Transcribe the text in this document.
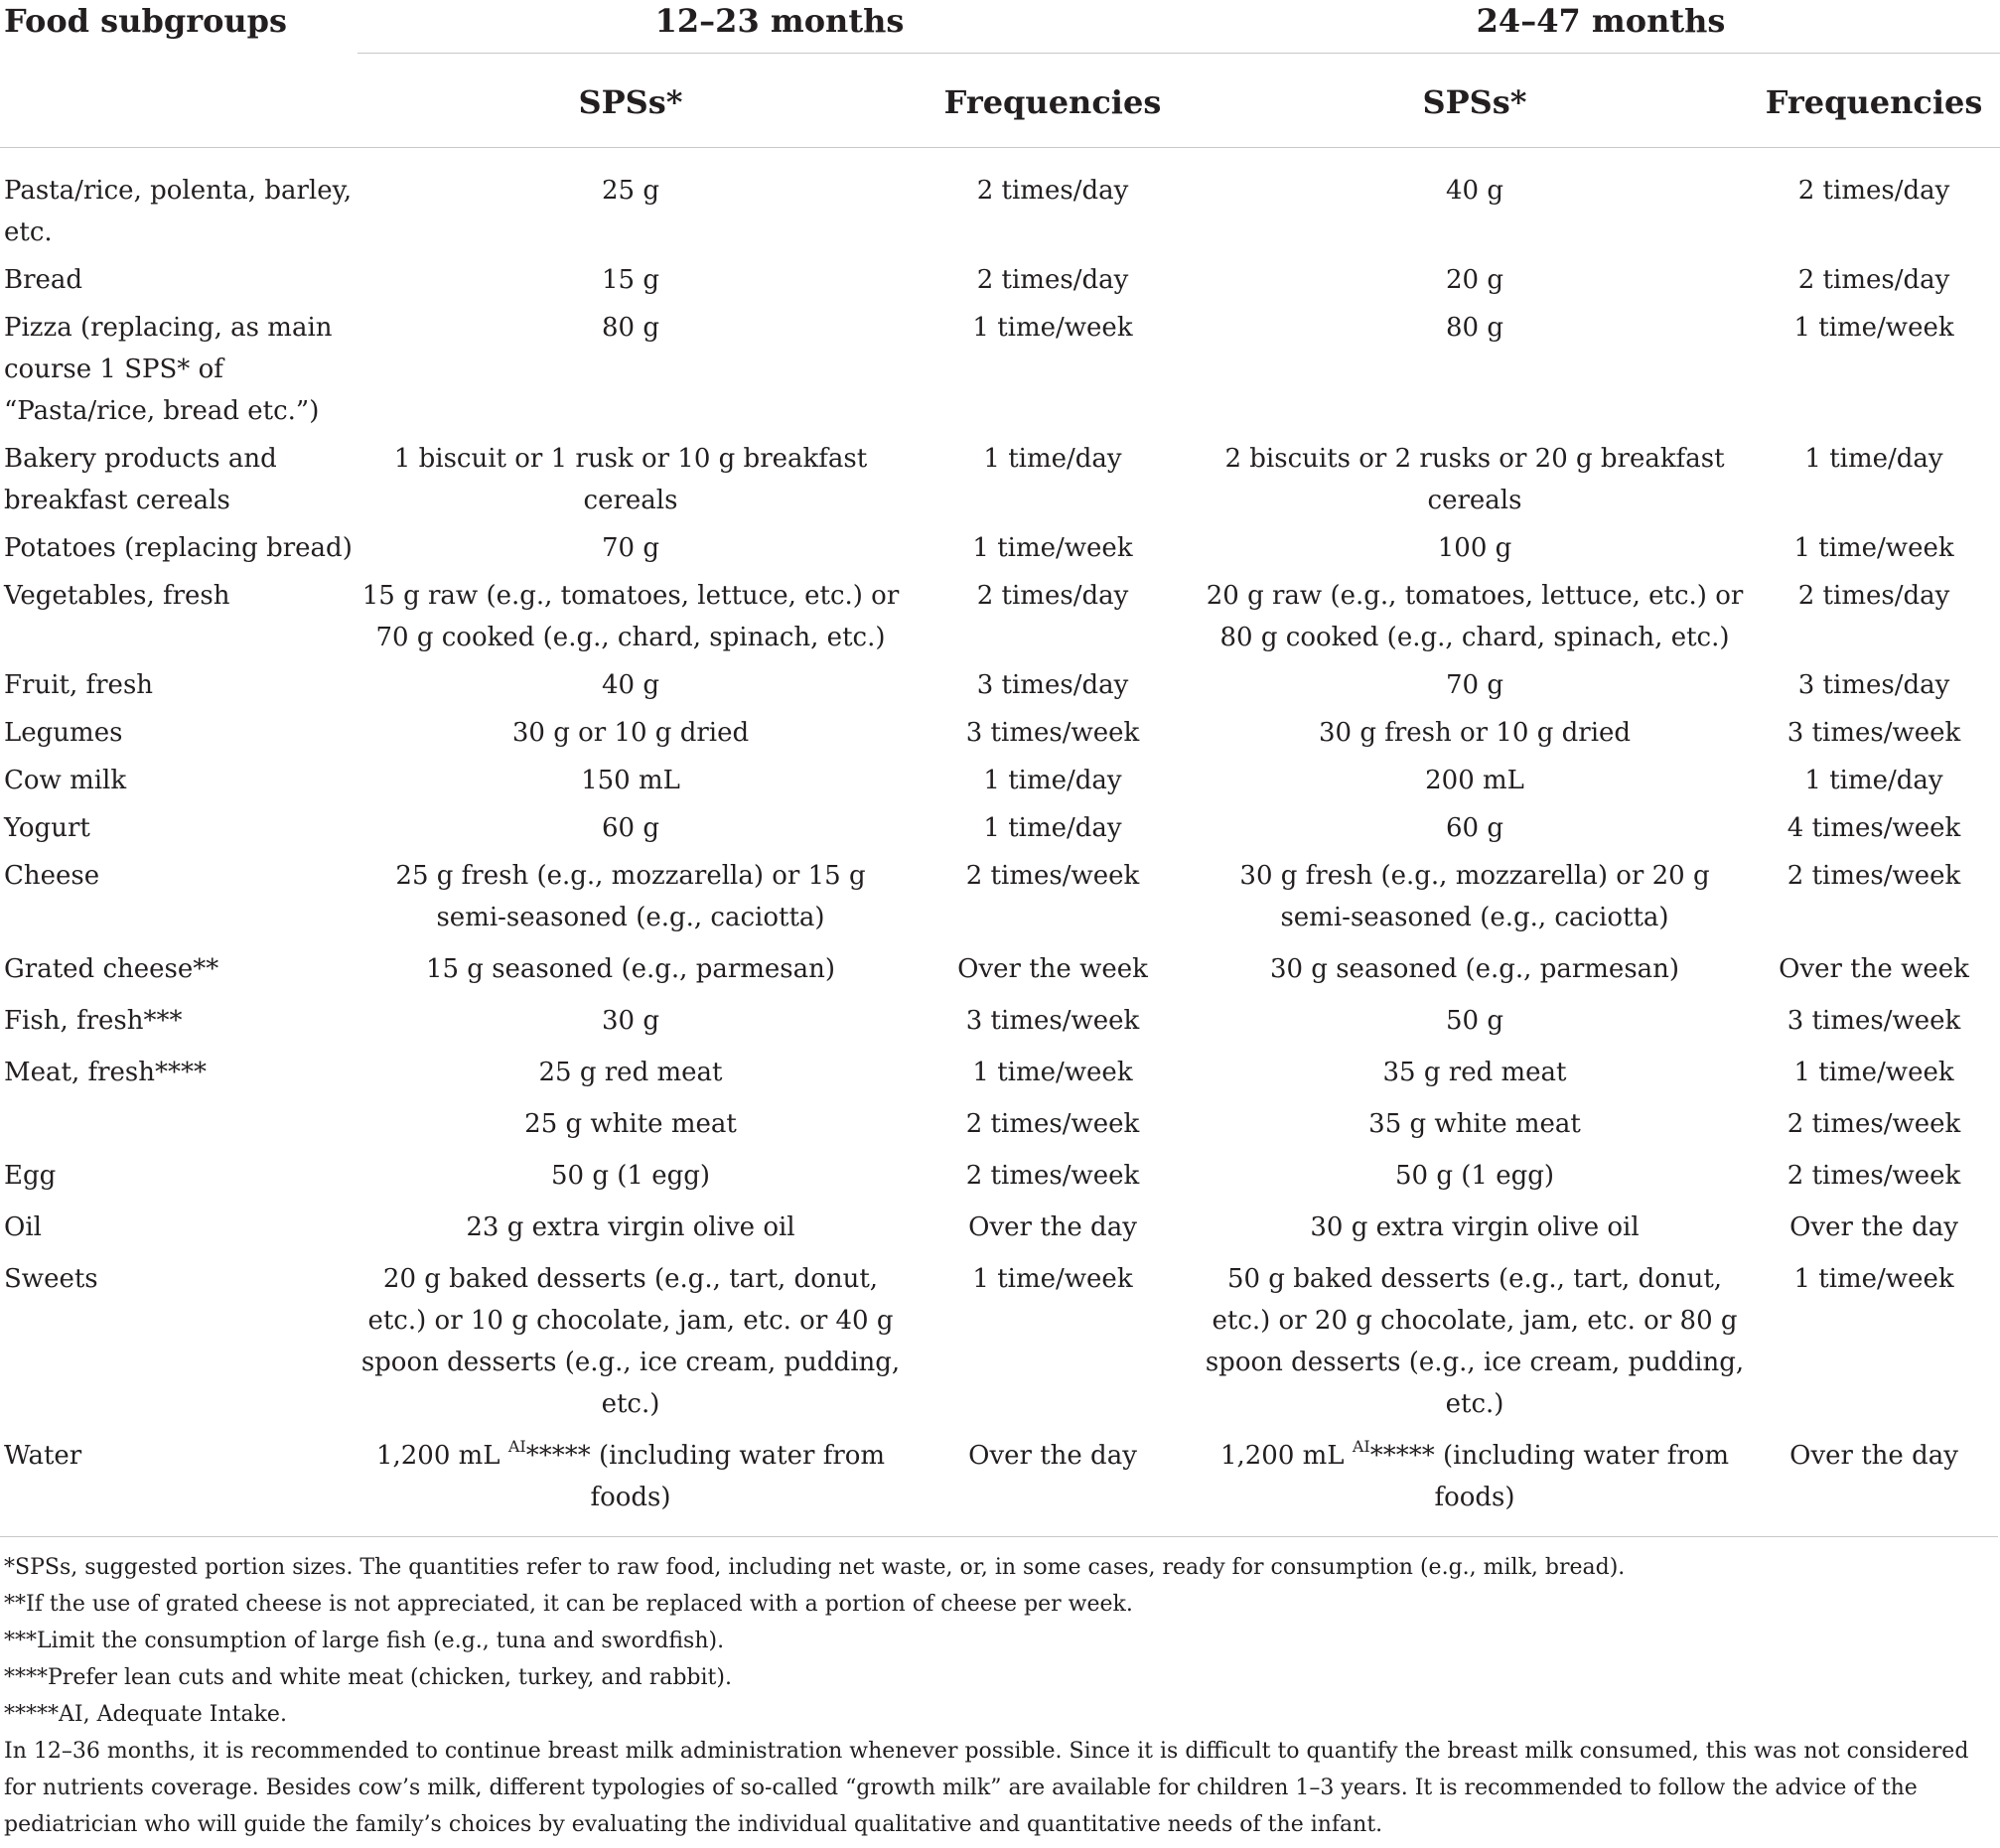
Food subgroups	12–23 months		24–47 months	

	SPSs*	Frequencies	SPSs*	Frequencies
Pasta/rice, polenta, barley, etc.	25 g	2 times/day	40 g	2 times/day
Bread	15 g	2 times/day	20 g	2 times/day
Pizza (replacing, as main course 1 SPS* of “Pasta/rice, bread etc.”)	80 g	1 time/week	80 g	1 time/week
Bakery products and breakfast cereals	1 biscuit or 1 rusk or 10 g breakfast cereals	1 time/day	2 biscuits or 2 rusks or 20 g breakfast cereals	1 time/day
Potatoes (replacing bread)	70 g	1 time/week	100 g	1 time/week
Vegetables, fresh	15 g raw (e.g., tomatoes, lettuce, etc.) or 70 g cooked (e.g., chard, spinach, etc.)	2 times/day	20 g raw (e.g., tomatoes, lettuce, etc.) or 80 g cooked (e.g., chard, spinach, etc.)	2 times/day
Fruit, fresh	40 g	3 times/day	70 g	3 times/day
Legumes	30 g or 10 g dried	3 times/week	30 g fresh or 10 g dried	3 times/week
Cow milk	150 mL	1 time/day	200 mL	1 time/day
Yogurt	60 g	1 time/day	60 g	4 times/week
Cheese	25 g fresh (e.g., mozzarella) or 15 g semi-seasoned (e.g., caciotta)	2 times/week	30 g fresh (e.g., mozzarella) or 20 g semi-seasoned (e.g., caciotta)	2 times/week
Grated cheese**	15 g seasoned (e.g., parmesan)	Over the week	30 g seasoned (e.g., parmesan)	Over the week
Fish, fresh***	30 g	3 times/week	50 g	3 times/week
Meat, fresh****	25 g red meat	1 time/week	35 g red meat	1 time/week
	25 g white meat	2 times/week	35 g white meat	2 times/week
Egg	50 g (1 egg)	2 times/week	50 g (1 egg)	2 times/week
Oil	23 g extra virgin olive oil	Over the day	30 g extra virgin olive oil	Over the day
Sweets	20 g baked desserts (e.g., tart, donut, etc.) or 10 g chocolate, jam, etc. or 40 g spoon desserts (e.g., ice cream, pudding, etc.)	1 time/week	50 g baked desserts (e.g., tart, donut, etc.) or 20 g chocolate, jam, etc. or 80 g spoon desserts (e.g., ice cream, pudding, etc.)	1 time/week
Water	1,200 mL $^{AI}$***** (including water from foods)	Over the day	1,200 mL $^{AI}$***** (including water from foods)	Over the day

*SPSs, suggested portion sizes. The quantities refer to raw food, including net waste, or, in some cases, ready for consumption (e.g., milk, bread).

**If the use of grated cheese is not appreciated, it can be replaced with a portion of cheese per week.

***Limit the consumption of large fish (e.g., tuna and swordfish).

****Prefer lean cuts and white meat (chicken, turkey, and rabbit).

*****AI, Adequate Intake.

In 12–36 months, it is recommended to continue breast milk administration whenever possible. Since it is difficult to quantify the breast milk consumed, this was not considered for nutrients coverage. Besides cow’s milk, different typologies of so-called “growth milk” are available for children 1–3 years. It is recommended to follow the advice of the pediatrician who will guide the family’s choices by evaluating the individual qualitative and quantitative needs of the infant.
